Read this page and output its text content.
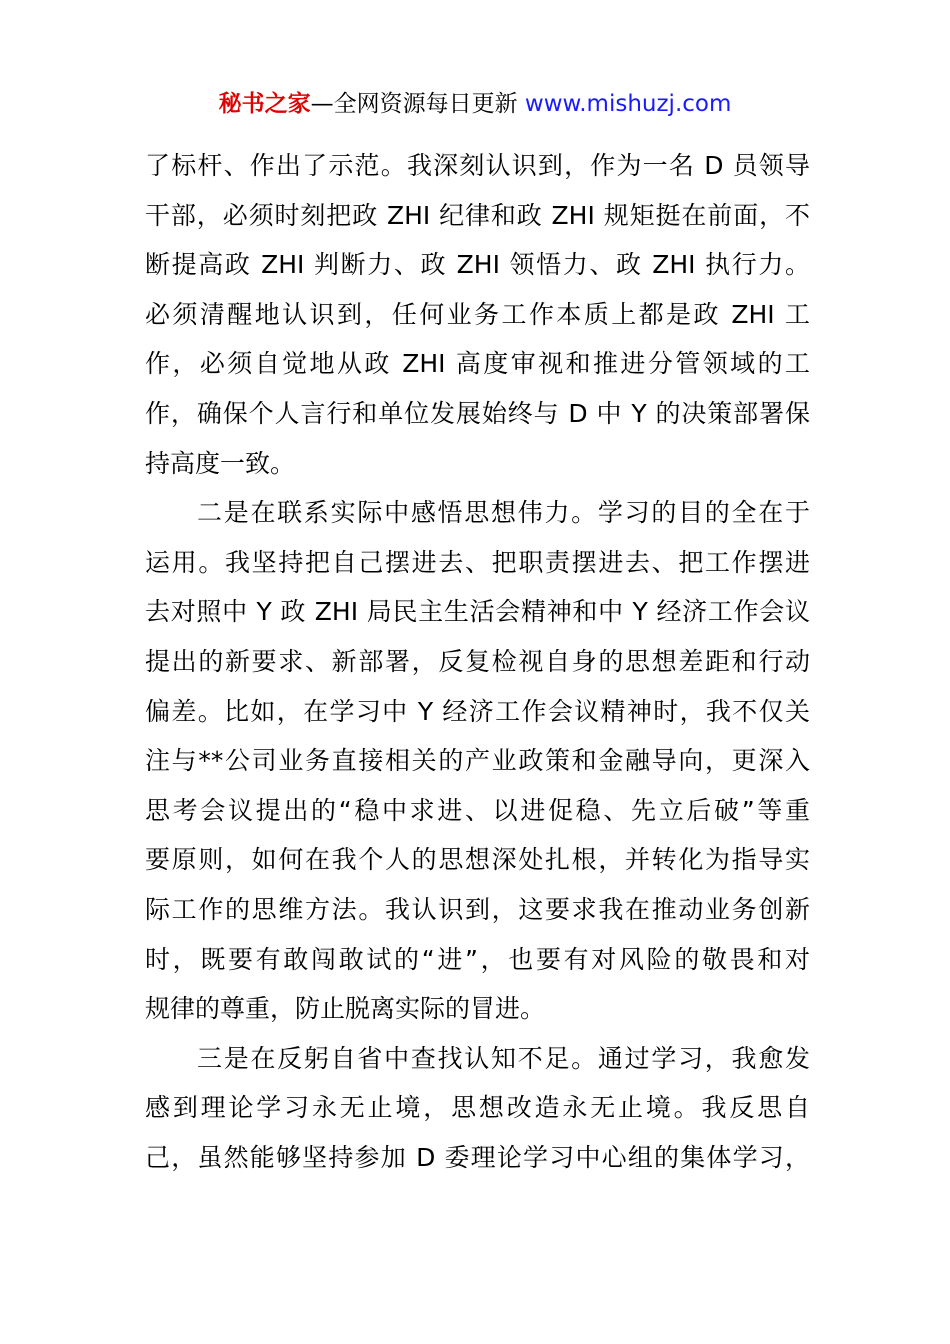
秘书之家—全网资源每日更新 www.mishuzj.com
了标杆、作出了示范。我深刻认识到，作为一名 D 员领导
干部，必须时刻把政 ZHI 纪律和政 ZHI 规矩挺在前面，不
断提高政 ZHI 判断力、政 ZHI 领悟力、政 ZHI 执行力。
必须清醒地认识到，任何业务工作本质上都是政 ZHI 工
作，必须自觉地从政 ZHI 高度审视和推进分管领域的工
作，确保个人言行和单位发展始终与 D 中 Y 的决策部署保
持高度一致。
二是在联系实际中感悟思想伟力。学习的目的全在于
运用。我坚持把自己摆进去、把职责摆进去、把工作摆进
去对照中 Y 政 ZHI 局民主生活会精神和中 Y 经济工作会议
提出的新要求、新部署，反复检视自身的思想差距和行动
偏差。比如，在学习中 Y 经济工作会议精神时，我不仅关
注与**公司业务直接相关的产业政策和金融导向，更深入
思考会议提出的“稳中求进、以进促稳、先立后破”等重
要原则，如何在我个人的思想深处扎根，并转化为指导实
际工作的思维方法。我认识到，这要求我在推动业务创新
时，既要有敢闯敢试的“进”，也要有对风险的敬畏和对
规律的尊重，防止脱离实际的冒进。
三是在反躬自省中查找认知不足。通过学习，我愈发
感到理论学习永无止境，思想改造永无止境。我反思自
己，虽然能够坚持参加 D 委理论学习中心组的集体学习，
